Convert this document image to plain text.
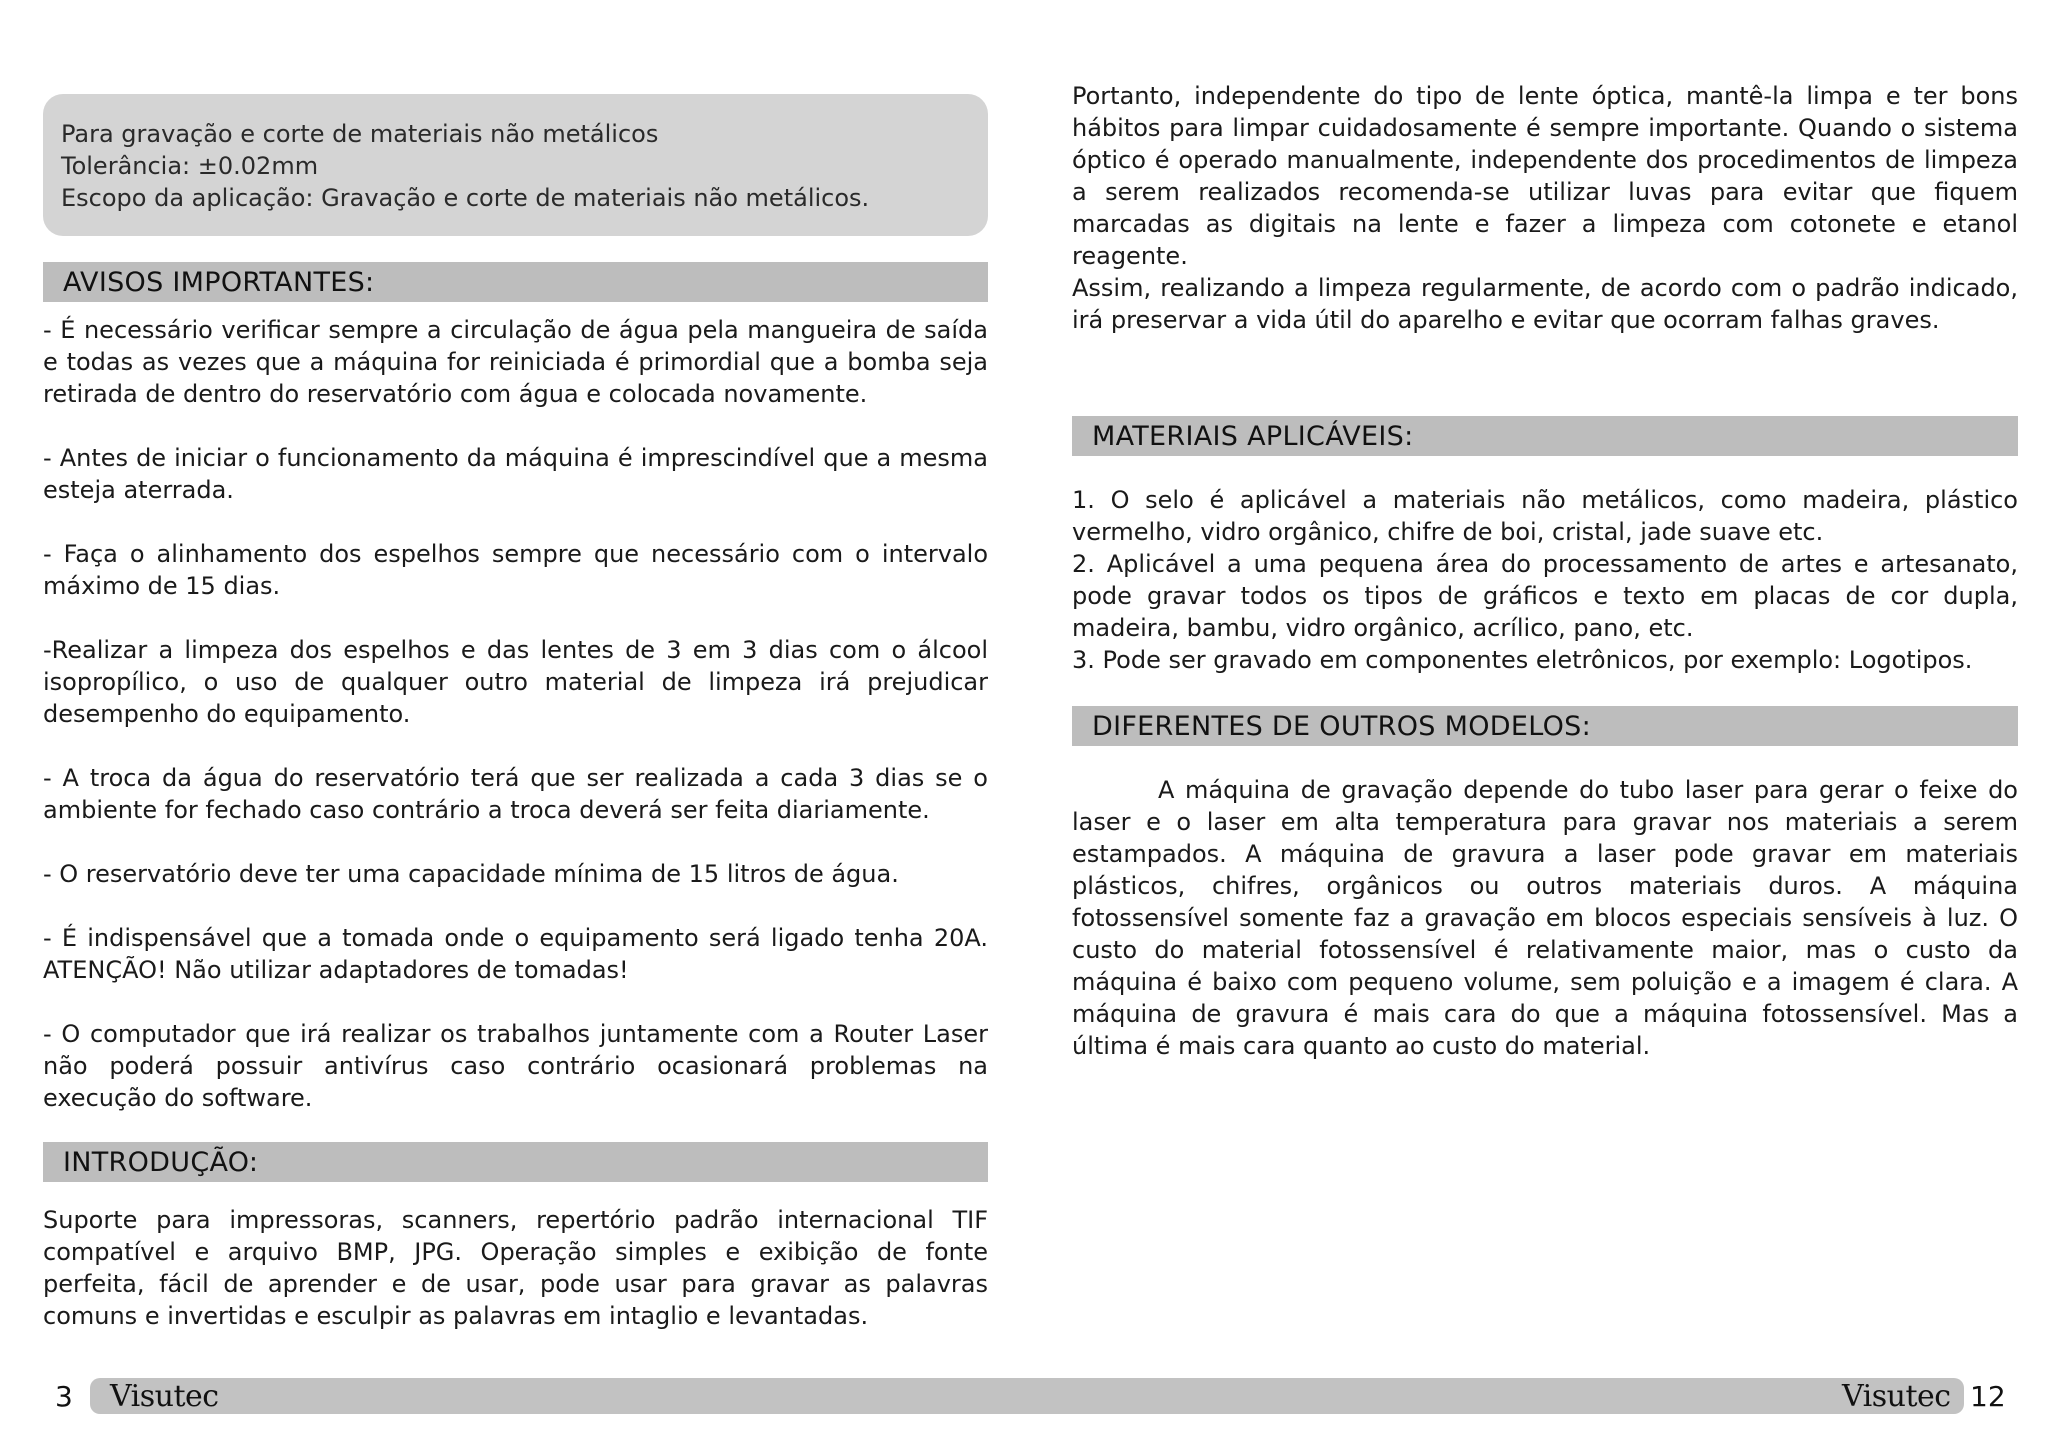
Para gravação e corte de materiais não metálicos

Tolerância: ±0.02mm

Escopo da aplicação: Gravação e corte de materiais não metálicos.

AVISOS IMPORTANTES:

- É necessário verificar sempre a circulação de água pela mangueira de saída e todas as vezes que a máquina for reiniciada é primordial que a bomba seja retirada de dentro do reservatório com água e colocada novamente.

- Antes de iniciar o funcionamento da máquina é imprescindível que a mesma esteja aterrada.

- Faça o alinhamento dos espelhos sempre que necessário com o intervalo máximo de 15 dias.

-Realizar a limpeza dos espelhos e das lentes de 3 em 3 dias com o álcool isopropílico, o uso de qualquer outro material de limpeza irá prejudicar desempenho do equipamento.

- A troca da água do reservatório terá que ser realizada a cada 3 dias se o ambiente for fechado caso contrário a troca deverá ser feita diariamente.

- O reservatório deve ter uma capacidade mínima de 15 litros de água.

- É indispensável que a tomada onde o equipamento será ligado tenha 20A. ATENÇÃO! Não utilizar adaptadores de tomadas!

- O computador que irá realizar os trabalhos juntamente com a Router Laser não poderá possuir antivírus caso contrário ocasionará problemas na execução do software.

INTRODUÇÃO:

Suporte para impressoras, scanners, repertório padrão internacional TIF compatível e arquivo BMP, JPG. Operação simples e exibição de fonte perfeita, fácil de aprender e de usar, pode usar para gravar as palavras comuns e invertidas e esculpir as palavras em intaglio e levantadas.

Portanto, independente do tipo de lente óptica, mantê-la limpa e ter bons hábitos para limpar cuidadosamente é sempre importante. Quando o sistema óptico é operado manualmente, independente dos procedimentos de limpeza a serem realizados recomenda-se utilizar luvas para evitar que fiquem marcadas as digitais na lente e fazer a limpeza com cotonete e etanol reagente.

Assim, realizando a limpeza regularmente, de acordo com o padrão indicado, irá preservar a vida útil do aparelho e evitar que ocorram falhas graves.

MATERIAIS APLICÁVEIS:

1. O selo é aplicável a materiais não metálicos, como madeira, plástico vermelho, vidro orgânico, chifre de boi, cristal, jade suave etc.

2. Aplicável a uma pequena área do processamento de artes e artesanato, pode gravar todos os tipos de gráficos e texto em placas de cor dupla, madeira, bambu, vidro orgânico, acrílico, pano, etc.

3. Pode ser gravado em componentes eletrônicos, por exemplo: Logotipos.

DIFERENTES DE OUTROS MODELOS:

A máquina de gravação depende do tubo laser para gerar o feixe do laser e o laser em alta temperatura para gravar nos materiais a serem estampados. A máquina de gravura a laser pode gravar em materiais plásticos, chifres, orgânicos ou outros materiais duros. A máquina fotossensível somente faz a gravação em blocos especiais sensíveis à luz. O custo do material fotossensível é relativamente maior, mas o custo da máquina é baixo com pequeno volume, sem poluição e a imagem é clara. A máquina de gravura é mais cara do que a máquina fotossensível. Mas a última é mais cara quanto ao custo do material.

3 Visutec	Visutec 12
